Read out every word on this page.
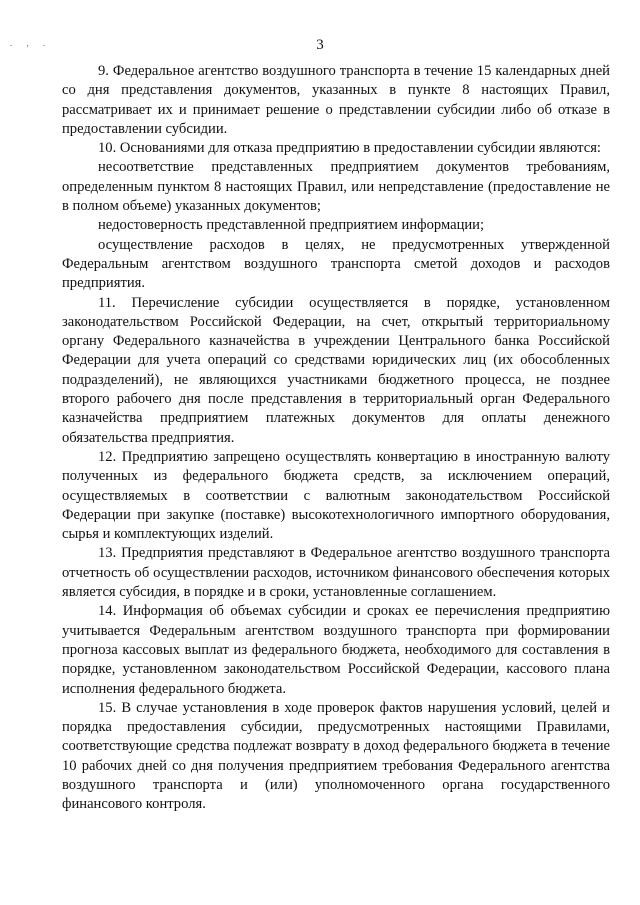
. , .	3

9. Федеральное агентство воздушного транспорта в течение 15 календарных дней со дня представления документов, указанных в пункте 8 настоящих Правил, рассматривает их и принимает решение о представлении субсидии либо об отказе в предоставлении субсидии.

10. Основаниями для отказа предприятию в предоставлении субсидии являются:

несоответствие представленных предприятием документов требованиям, определенным пунктом 8 настоящих Правил, или непредставление (предоставление не в полном объеме) указанных документов;

недостоверность представленной предприятием информации;

осуществление расходов в целях, не предусмотренных утвержденной Федеральным агентством воздушного транспорта сметой доходов и расходов предприятия.

11. Перечисление субсидии осуществляется в порядке, установленном законодательством Российской Федерации, на счет, открытый территориальному органу Федерального казначейства в учреждении Центрального банка Российской Федерации для учета операций со средствами юридических лиц (их обособленных подразделений), не являющихся участниками бюджетного процесса, не позднее второго рабочего дня после представления в территориальный орган Федерального казначейства предприятием платежных документов для оплаты денежного обязательства предприятия.

12. Предприятию запрещено осуществлять конвертацию в иностранную валюту полученных из федерального бюджета средств, за исключением операций, осуществляемых в соответствии с валютным законодательством Российской Федерации при закупке (поставке) высокотехнологичного импортного оборудования, сырья и комплектующих изделий.

13. Предприятия представляют в Федеральное агентство воздушного транспорта отчетность об осуществлении расходов, источником финансового обеспечения которых является субсидия, в порядке и в сроки, установленные соглашением.

14. Информация об объемах субсидии и сроках ее перечисления предприятию учитывается Федеральным агентством воздушного транспорта при формировании прогноза кассовых выплат из федерального бюджета, необходимого для составления в порядке, установленном законодательством Российской Федерации, кассового плана исполнения федерального бюджета.

15. В случае установления в ходе проверок фактов нарушения условий, целей и порядка предоставления субсидии, предусмотренных настоящими Правилами, соответствующие средства подлежат возврату в доход федерального бюджета в течение 10 рабочих дней со дня получения предприятием требования Федерального агентства воздушного транспорта и (или) уполномоченного органа государственного финансового контроля.
